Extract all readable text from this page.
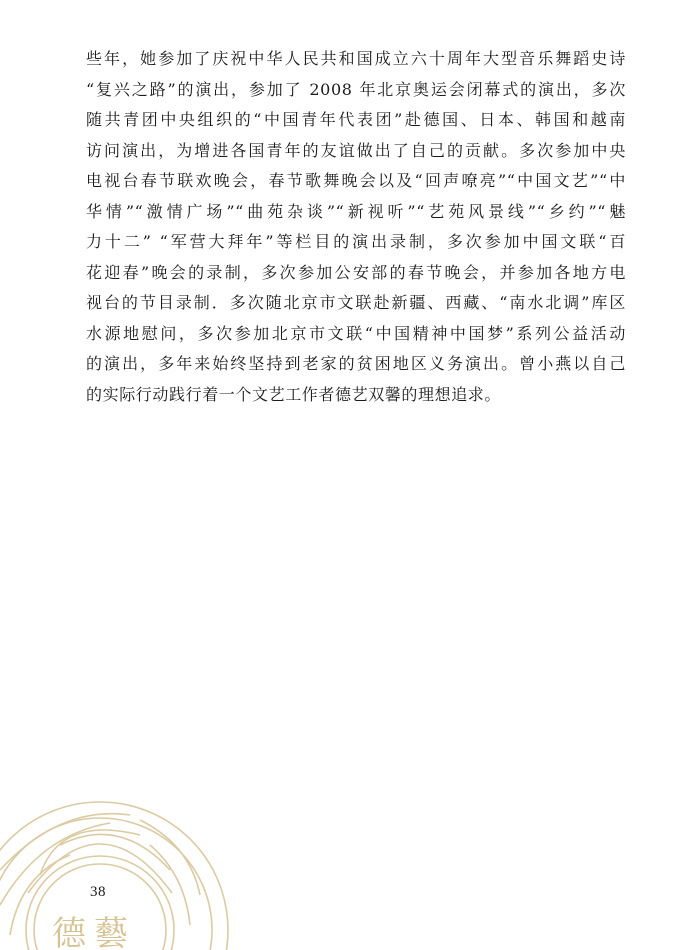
德藝
些年，她参加了庆祝中华人民共和国成立六十周年大型音乐舞蹈史诗
“复兴之路”的演出，参加了 2008 年北京奥运会闭幕式的演出，多次
随共青团中央组织的“中国青年代表团”赴德国、日本、韩国和越南
访问演出，为增进各国青年的友谊做出了自己的贡献。多次参加中央
电视台春节联欢晚会，春节歌舞晚会以及“回声嘹亮”“中国文艺”“中
华情”“激情广场”“曲苑杂谈”“新视听”“艺苑风景线”“乡约”“魅
力十二” “军营大拜年”等栏目的演出录制，多次参加中国文联“百
花迎春”晚会的录制，多次参加公安部的春节晚会，并参加各地方电
视台的节目录制．多次随北京市文联赴新疆、西藏、“南水北调”库区
水源地慰问，多次参加北京市文联“中国精神中国梦”系列公益活动
的演出，多年来始终坚持到老家的贫困地区义务演出。曾小燕以自己
的实际行动践行着一个文艺工作者德艺双馨的理想追求。
38
